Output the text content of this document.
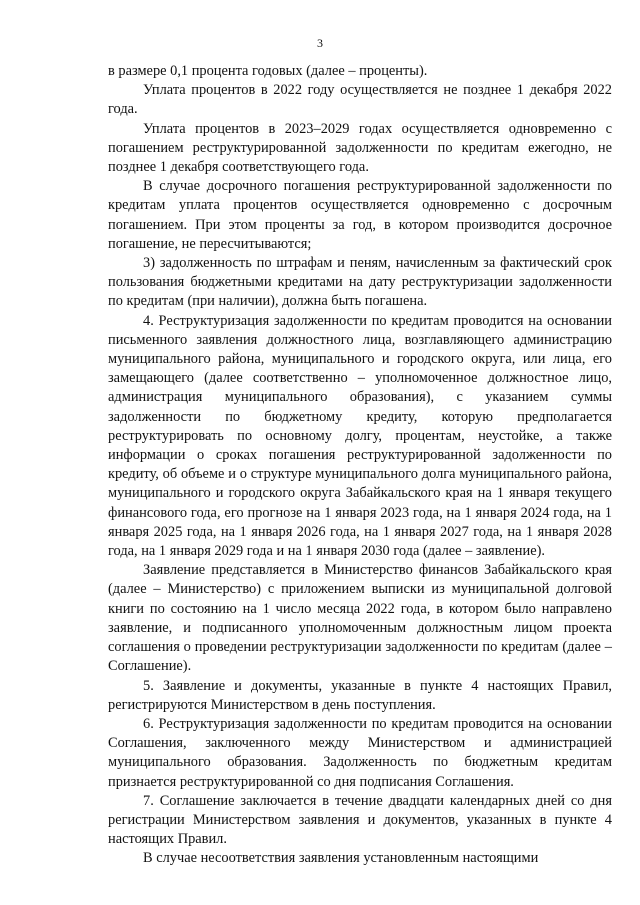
3

в размере 0,1 процента годовых (далее – проценты).

Уплата процентов в 2022 году осуществляется не позднее 1 декабря 2022 года.

Уплата процентов в 2023–2029 годах осуществляется одновременно с погашением реструктурированной задолженности по кредитам ежегодно, не позднее 1 декабря соответствующего года.

В случае досрочного погашения реструктурированной задолженности по кредитам уплата процентов осуществляется одновременно с досрочным погашением. При этом проценты за год, в котором производится досрочное погашение, не пересчитываются;

3) задолженность по штрафам и пеням, начисленным за фактический срок пользования бюджетными кредитами на дату реструктуризации задолженности по кредитам (при наличии), должна быть погашена.

4. Реструктуризация задолженности по кредитам проводится на основании письменного заявления должностного лица, возглавляющего администрацию муниципального района, муниципального и городского округа, или лица, его замещающего (далее соответственно – уполномоченное должностное лицо, администрация муниципального образования), с указанием суммы задолженности по бюджетному кредиту, которую предполагается реструктурировать по основному долгу, процентам, неустойке, а также информации о сроках погашения реструктурированной задолженности по кредиту, об объеме и о структуре муниципального долга муниципального района, муниципального и городского округа Забайкальского края на 1 января текущего финансового года, его прогнозе на 1 января 2023 года, на 1 января 2024 года, на 1 января 2025 года, на 1 января 2026 года, на 1 января 2027 года, на 1 января 2028 года, на 1 января 2029 года и на 1 января 2030 года (далее – заявление).

Заявление представляется в Министерство финансов Забайкальского края (далее – Министерство) с приложением выписки из муниципальной долговой книги по состоянию на 1 число месяца 2022 года, в котором было направлено заявление, и подписанного уполномоченным должностным лицом проекта соглашения о проведении реструктуризации задолженности по кредитам (далее – Соглашение).

5. Заявление и документы, указанные в пункте 4 настоящих Правил, регистрируются Министерством в день поступления.

6. Реструктуризация задолженности по кредитам проводится на основании Соглашения, заключенного между Министерством и администрацией муниципального образования. Задолженность по бюджетным кредитам признается реструктурированной со дня подписания Соглашения.

7. Соглашение заключается в течение двадцати календарных дней со дня регистрации Министерством заявления и документов, указанных в пункте 4 настоящих Правил.

В случае несоответствия заявления установленным настоящими
